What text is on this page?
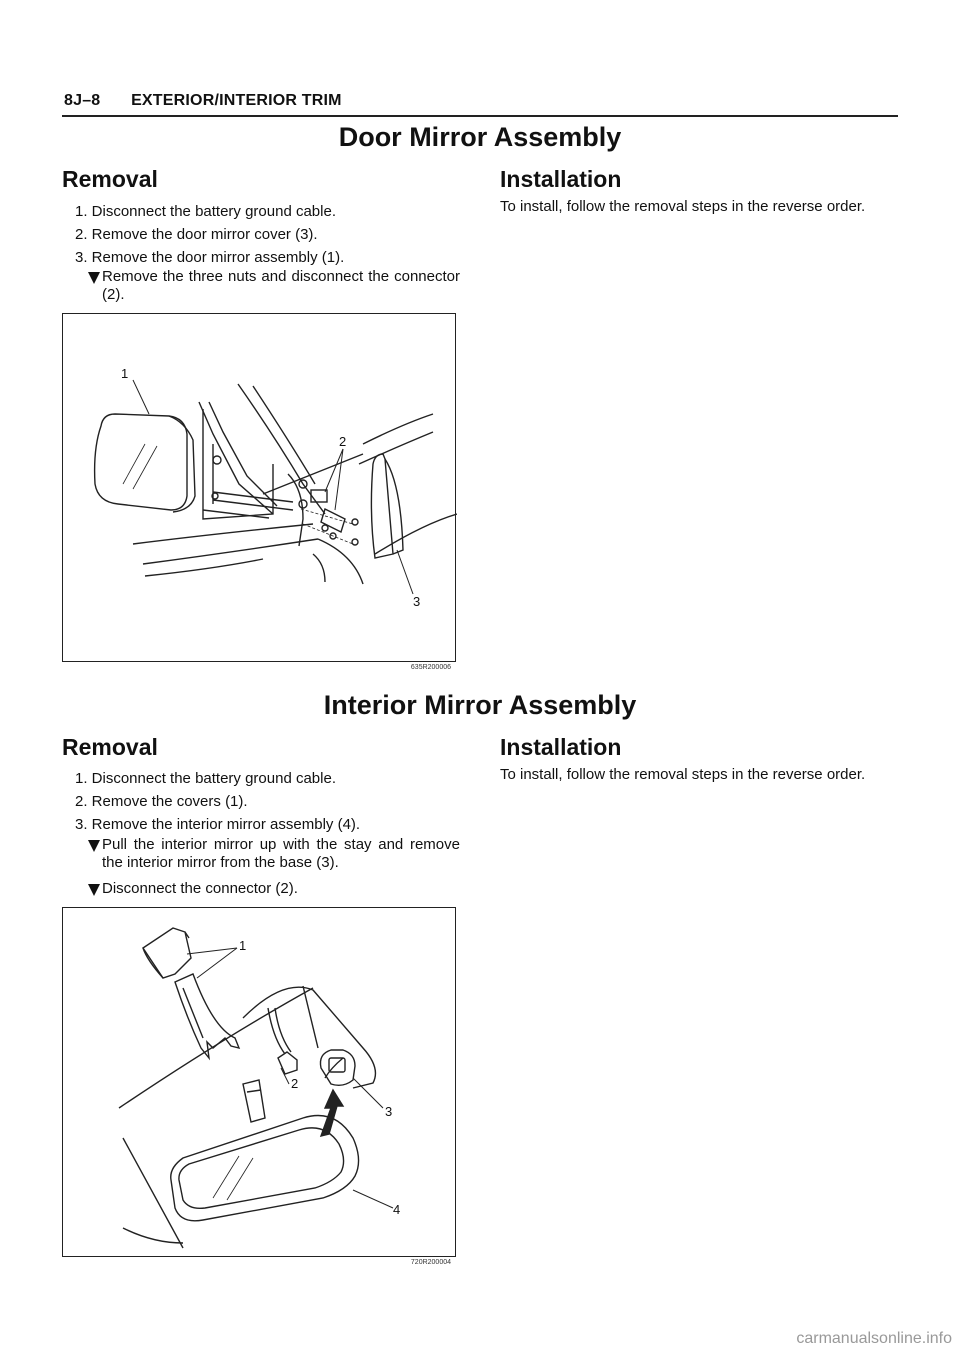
8J–8 EXTERIOR/INTERIOR TRIM
Door Mirror Assembly
Removal
1. Disconnect the battery ground cable.
2. Remove the door mirror cover (3).
3. Remove the door mirror assembly (1).
Remove the three nuts and disconnect the connector (2).
Installation
To install, follow the removal steps in the reverse order.
1
2
3
635R200006
Interior Mirror Assembly
Removal
1. Disconnect the battery ground cable.
2. Remove the covers (1).
3. Remove the interior mirror assembly (4).
Pull the interior mirror up with the stay and remove the interior mirror from the base (3).
Disconnect the connector (2).
Installation
To install, follow the removal steps in the reverse order.
1
2
3
4
720R200004
carmanualsonline.info
